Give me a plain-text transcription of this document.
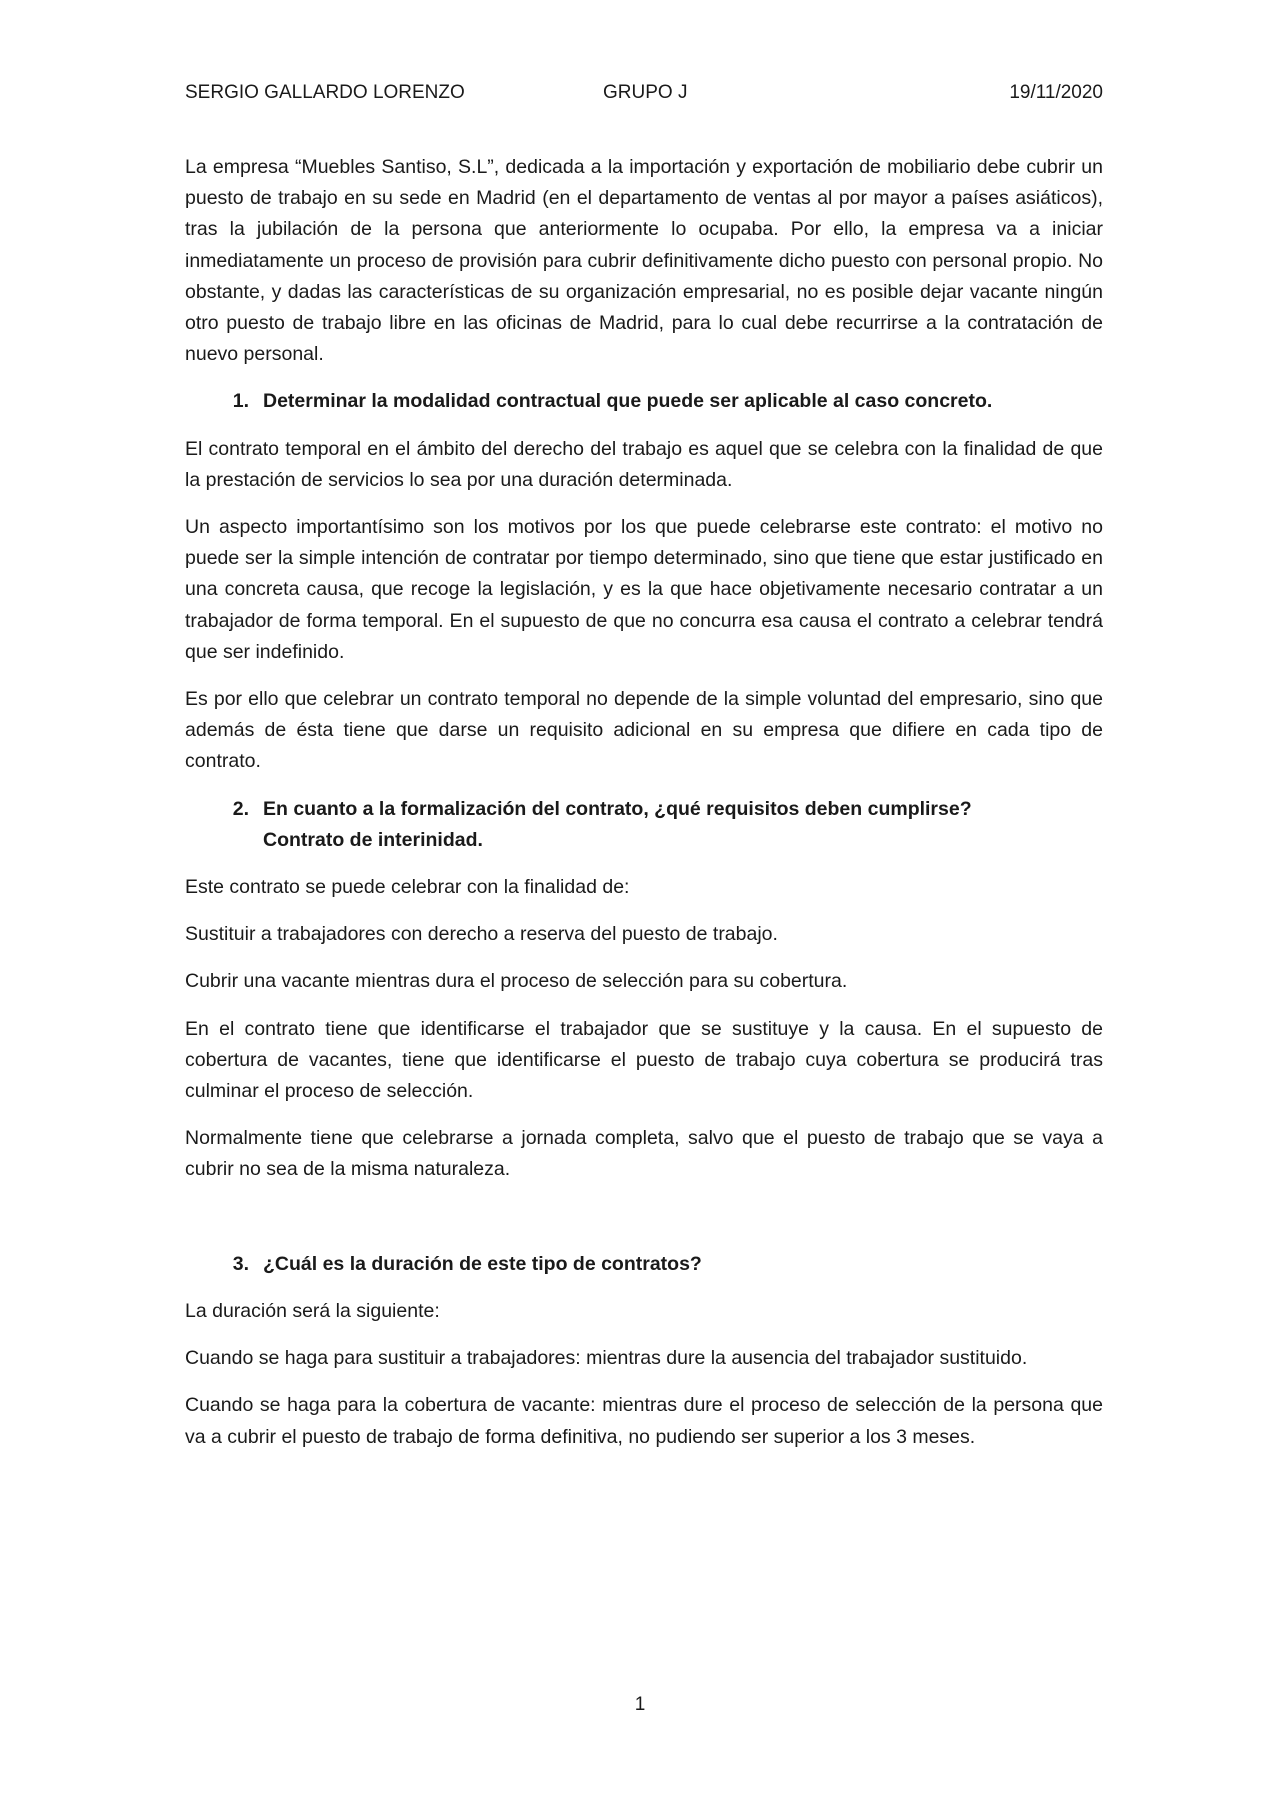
SERGIO GALLARDO LORENZO	GRUPO J	19/11/2020

La empresa “Muebles Santiso, S.L”, dedicada a la importación y exportación de mobiliario debe cubrir un puesto de trabajo en su sede en Madrid (en el departamento de ventas al por mayor a países asiáticos), tras la jubilación de la persona que anteriormente lo ocupaba. Por ello, la empresa va a iniciar inmediatamente un proceso de provisión para cubrir definitivamente dicho puesto con personal propio. No obstante, y dadas las características de su organización empresarial, no es posible dejar vacante ningún otro puesto de trabajo libre en las oficinas de Madrid, para lo cual debe recurrirse a la contratación de nuevo personal.

1. Determinar la modalidad contractual que puede ser aplicable al caso concreto.

El contrato temporal en el ámbito del derecho del trabajo es aquel que se celebra con la finalidad de que la prestación de servicios lo sea por una duración determinada.

Un aspecto importantísimo son los motivos por los que puede celebrarse este contrato: el motivo no puede ser la simple intención de contratar por tiempo determinado, sino que tiene que estar justificado en una concreta causa, que recoge la legislación, y es la que hace objetivamente necesario contratar a un trabajador de forma temporal. En el supuesto de que no concurra esa causa el contrato a celebrar tendrá que ser indefinido.

Es por ello que celebrar un contrato temporal no depende de la simple voluntad del empresario, sino que además de ésta tiene que darse un requisito adicional en su empresa que difiere en cada tipo de contrato.

2. En cuanto a la formalización del contrato, ¿qué requisitos deben cumplirse?
Contrato de interinidad.

Este contrato se puede celebrar con la finalidad de:

Sustituir a trabajadores con derecho a reserva del puesto de trabajo.

Cubrir una vacante mientras dura el proceso de selección para su cobertura.

En el contrato tiene que identificarse el trabajador que se sustituye y la causa. En el supuesto de cobertura de vacantes, tiene que identificarse el puesto de trabajo cuya cobertura se producirá tras culminar el proceso de selección.

Normalmente tiene que celebrarse a jornada completa, salvo que el puesto de trabajo que se vaya a cubrir no sea de la misma naturaleza.

3. ¿Cuál es la duración de este tipo de contratos?

La duración será la siguiente:

Cuando se haga para sustituir a trabajadores: mientras dure la ausencia del trabajador sustituido.

Cuando se haga para la cobertura de vacante: mientras dure el proceso de selección de la persona que va a cubrir el puesto de trabajo de forma definitiva, no pudiendo ser superior a los 3 meses.

1
